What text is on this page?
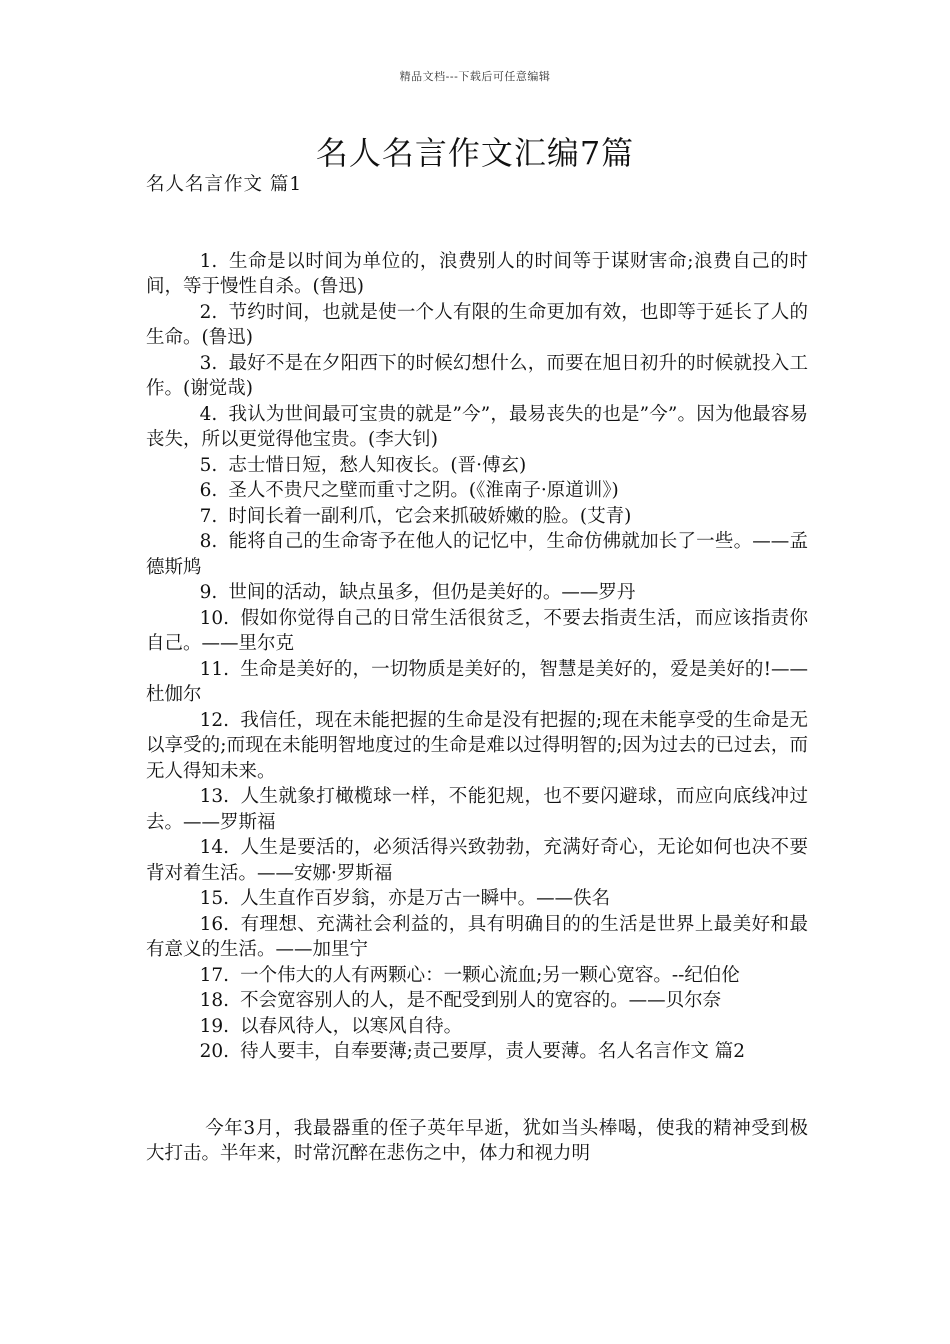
精品文档---下载后可任意编辑
名人名言作文汇编7篇

名人名言作文 篇1

1. 生命是以时间为单位的，浪费别人的时间等于谋财害命;浪费自己的时间，等于慢性自杀。(鲁迅)

2. 节约时间，也就是使一个人有限的生命更加有效，也即等于延长了人的生命。(鲁迅)

3. 最好不是在夕阳西下的时候幻想什么，而要在旭日初升的时候就投入工作。(谢觉哉)

4. 我认为世间最可宝贵的就是”今”，最易丧失的也是”今”。因为他最容易丧失，所以更觉得他宝贵。(李大钊)

5. 志士惜日短，愁人知夜长。(晋·傅玄)

6. 圣人不贵尺之壁而重寸之阴。(《淮南子·原道训》)

7. 时间长着一副利爪，它会来抓破娇嫩的脸。(艾青)

8. 能将自己的生命寄予在他人的记忆中，生命仿佛就加长了一些。——孟德斯鸠

9. 世间的活动，缺点虽多，但仍是美好的。——罗丹

10. 假如你觉得自己的日常生活很贫乏，不要去指责生活，而应该指责你自己。——里尔克

11. 生命是美好的，一切物质是美好的，智慧是美好的，爱是美好的!——杜伽尔

12. 我信任，现在未能把握的生命是没有把握的;现在未能享受的生命是无以享受的;而现在未能明智地度过的生命是难以过得明智的;因为过去的已过去，而无人得知未来。

13. 人生就象打橄榄球一样，不能犯规，也不要闪避球，而应向底线冲过去。——罗斯福

14. 人生是要活的，必须活得兴致勃勃，充满好奇心，无论如何也决不要背对着生活。——安娜·罗斯福

15. 人生直作百岁翁，亦是万古一瞬中。——佚名

16. 有理想、充满社会利益的，具有明确目的的生活是世界上最美好和最有意义的生活。——加里宁

17. 一个伟大的人有两颗心：一颗心流血;另一颗心宽容。--纪伯伦

18. 不会宽容别人的人，是不配受到别人的宽容的。——贝尔奈

19. 以春风待人，以寒风自待。

20. 待人要丰，自奉要薄;责己要厚，责人要薄。名人名言作文 篇2

今年3月，我最器重的侄子英年早逝，犹如当头棒喝，使我的精神受到极大打击。半年来，时常沉醉在悲伤之中，体力和视力明
